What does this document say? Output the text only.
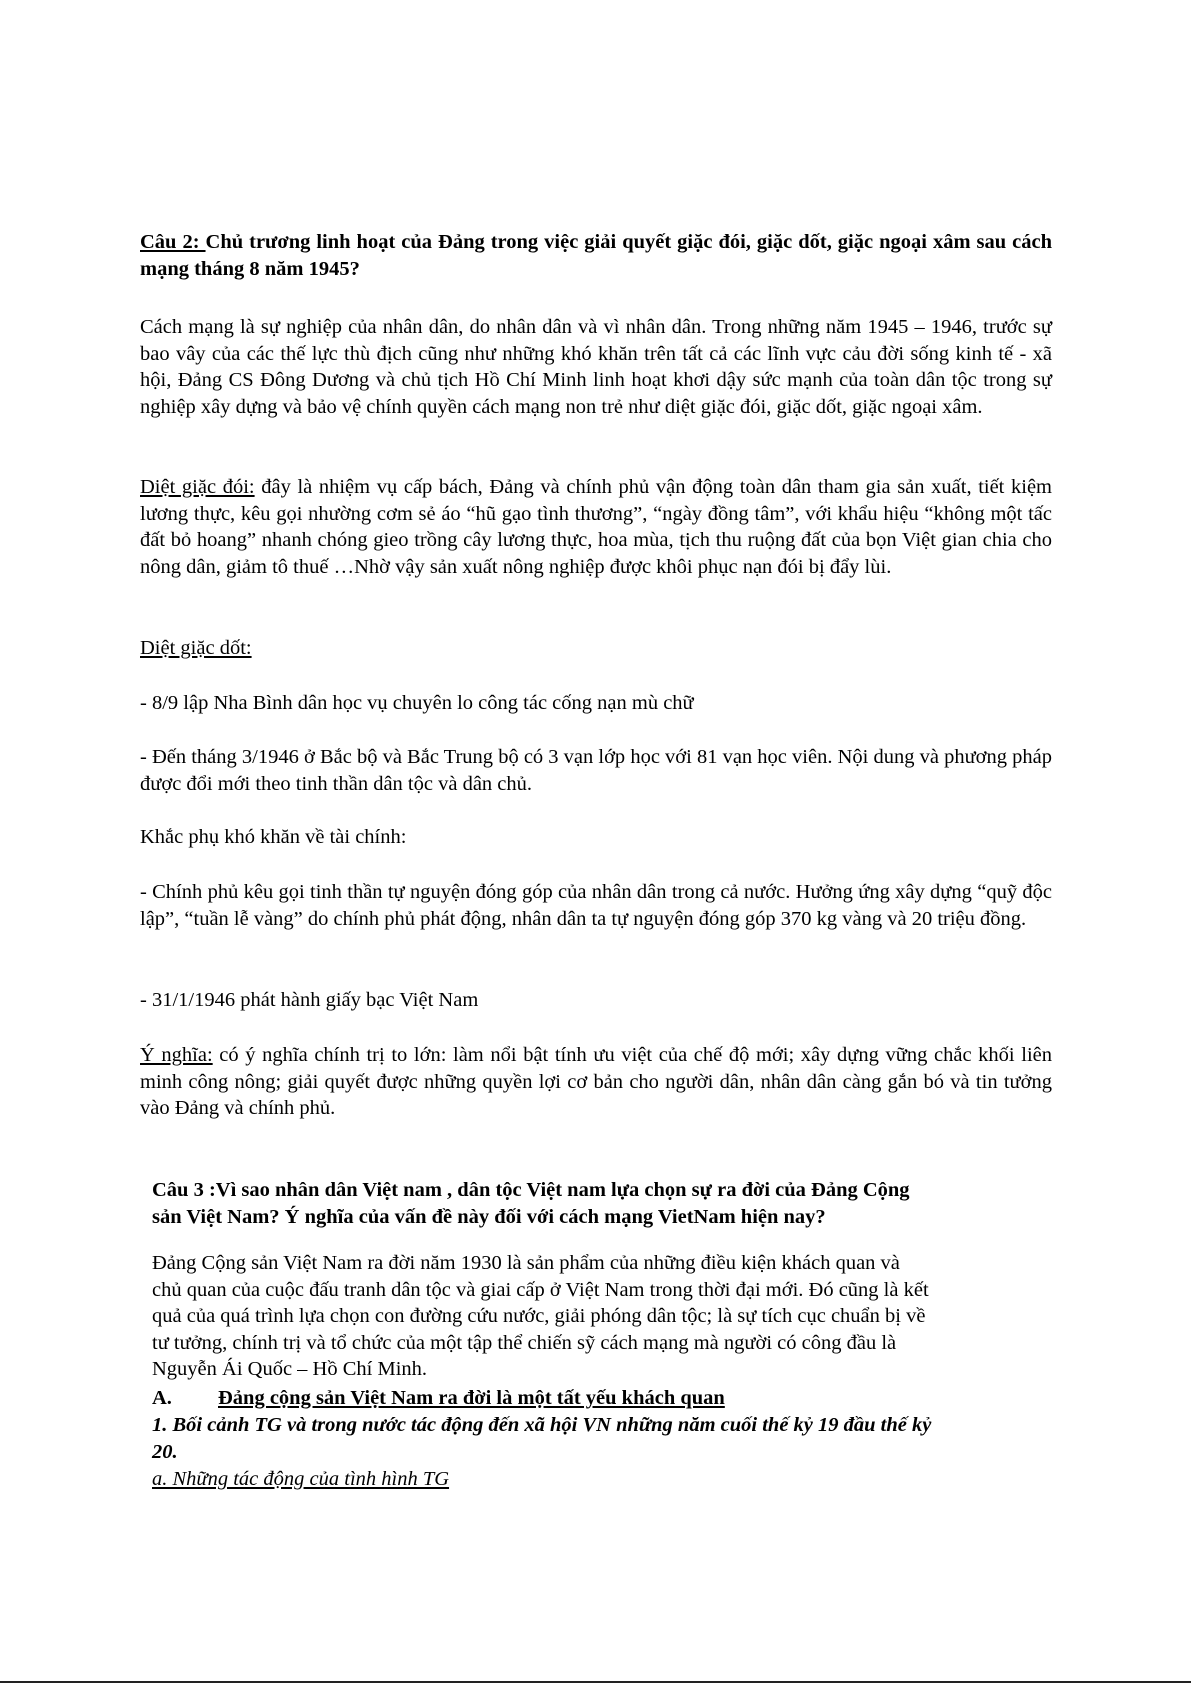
Câu 2: Chủ trương linh hoạt của Đảng trong việc giải quyết giặc đói, giặc dốt, giặc ngoại xâm sau cách mạng tháng 8 năm 1945?

Cách mạng là sự nghiệp của nhân dân, do nhân dân và vì nhân dân. Trong những năm 1945 – 1946, trước sự bao vây của các thế lực thù địch cũng như những khó khăn trên tất cả các lĩnh vực cảu đời sống kinh tế - xã hội, Đảng CS Đông Dương và chủ tịch Hồ Chí Minh linh hoạt khơi dậy sức mạnh của toàn dân tộc trong sự nghiệp xây dựng và bảo vệ chính quyền cách mạng non trẻ như diệt giặc đói, giặc dốt, giặc ngoại xâm.

Diệt giặc đói: đây là nhiệm vụ cấp bách, Đảng và chính phủ vận động toàn dân tham gia sản xuất, tiết kiệm lương thực, kêu gọi nhường cơm sẻ áo “hũ gạo tình thương”, “ngày đồng tâm”, với khẩu hiệu “không một tấc đất bỏ hoang” nhanh chóng gieo trồng cây lương thực, hoa mùa, tịch thu ruộng đất của bọn Việt gian chia cho nông dân, giảm tô thuế …Nhờ vậy sản xuất nông nghiệp được khôi phục nạn đói bị đẩy lùi.

Diệt giặc dốt:

- 8/9 lập Nha Bình dân học vụ chuyên lo công tác cống nạn mù chữ

- Đến tháng 3/1946 ở Bắc bộ và Bắc Trung bộ có 3 vạn lớp học với 81 vạn học viên. Nội dung và phương pháp được đổi mới theo tinh thần dân tộc và dân chủ.

Khắc phụ khó khăn về tài chính:

- Chính phủ kêu gọi tinh thần tự nguyện đóng góp của nhân dân trong cả nước. Hưởng ứng xây dựng “quỹ độc lập”, “tuần lễ vàng” do chính phủ phát động, nhân dân ta tự nguyện đóng góp 370 kg vàng và 20 triệu đồng.

- 31/1/1946 phát hành giấy bạc Việt Nam

Ý nghĩa: có ý nghĩa chính trị to lớn: làm nổi bật tính ưu việt của chế độ mới; xây dựng vững chắc khối liên minh công nông; giải quyết được những quyền lợi cơ bản cho người dân, nhân dân càng gắn bó và tin tưởng vào Đảng và chính phủ.

Câu 3 :Vì sao nhân dân Việt nam , dân tộc Việt nam lựa chọn sự ra đời của Đảng Cộng
sản Việt Nam? Ý nghĩa của vấn đề này đối với cách mạng VietNam hiện nay?
Đảng Cộng sản Việt Nam ra đời năm 1930 là sản phẩm của những điều kiện khách quan và
chủ quan của cuộc đấu tranh dân tộc và giai cấp ở Việt Nam trong thời đại mới. Đó cũng là kết
quả của quá trình lựa chọn con đường cứu nước, giải phóng dân tộc; là sự tích cục chuẩn bị về
tư tưởng, chính trị và tổ chức của một tập thể chiến sỹ cách mạng mà người có công đầu là
Nguyễn Ái Quốc – Hồ Chí Minh.
A. Đảng cộng sản Việt Nam ra đời là một tất yếu khách quan
1. Bối cảnh TG và trong nước tác động đến xã hội VN những năm cuối thế kỷ 19 đầu thế kỷ
20.
a. Những tác động của tình hình TG
